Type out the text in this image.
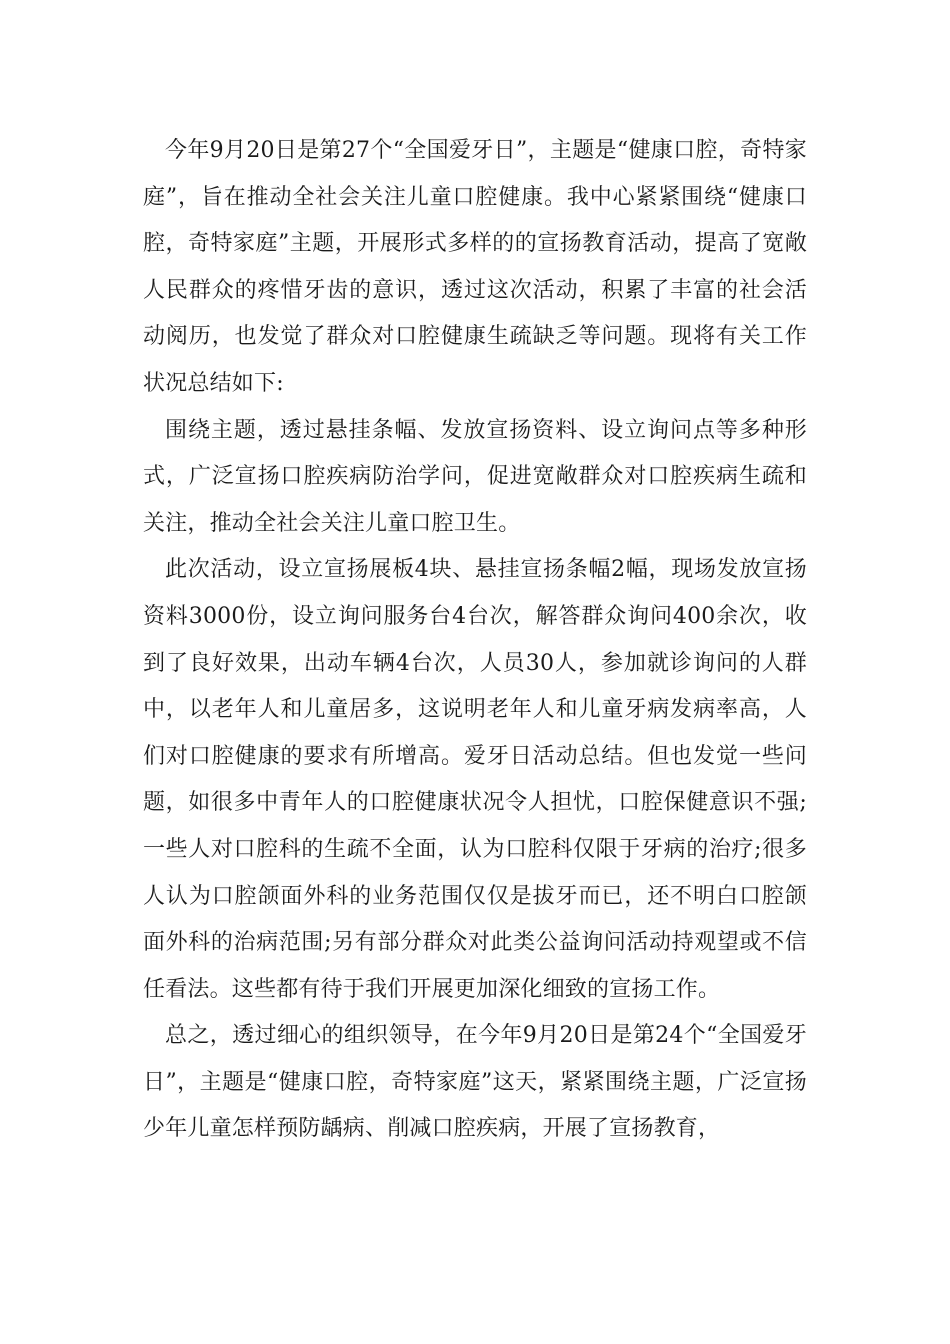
今年9月20日是第27个“全国爱牙日”，主题是“健康口腔，奇特家庭”，旨在推动全社会关注儿童口腔健康。我中心紧紧围绕“健康口腔，奇特家庭”主题，开展形式多样的的宣扬教育活动，提高了宽敞人民群众的疼惜牙齿的意识，透过这次活动，积累了丰富的社会活动阅历，也发觉了群众对口腔健康生疏缺乏等问题。现将有关工作状况总结如下:

围绕主题，透过悬挂条幅、发放宣扬资料、设立询问点等多种形式，广泛宣扬口腔疾病防治学问，促进宽敞群众对口腔疾病生疏和关注，推动全社会关注儿童口腔卫生。

此次活动，设立宣扬展板4块、悬挂宣扬条幅2幅，现场发放宣扬资料3000份，设立询问服务台4台次，解答群众询问400余次，收到了良好效果，出动车辆4台次，人员30人，参加就诊询问的人群中，以老年人和儿童居多，这说明老年人和儿童牙病发病率高，人们对口腔健康的要求有所增高。爱牙日活动总结。但也发觉一些问题，如很多中青年人的口腔健康状况令人担忧，口腔保健意识不强;一些人对口腔科的生疏不全面，认为口腔科仅限于牙病的治疗;很多人认为口腔颌面外科的业务范围仅仅是拔牙而已，还不明白口腔颌面外科的治病范围;另有部分群众对此类公益询问活动持观望或不信任看法。这些都有待于我们开展更加深化细致的宣扬工作。

总之，透过细心的组织领导，在今年9月20日是第24个“全国爱牙日”，主题是“健康口腔，奇特家庭”这天，紧紧围绕主题，广泛宣扬少年儿童怎样预防龋病、削减口腔疾病，开展了宣扬教育，
